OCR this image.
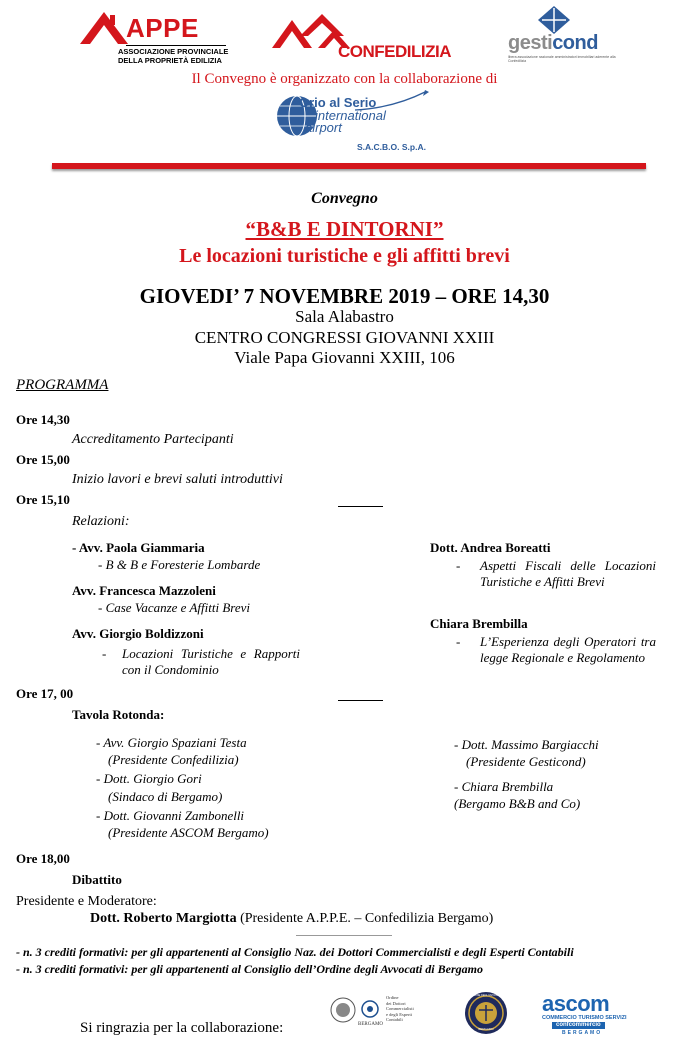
APPE
ASSOCIAZIONE PROVINCIALE
DELLA PROPRIETÀ EDILIZIA	CONFEDILIZIA	gesticond
libera associazione nazionale amministratori immobiliari aderente alla Confedilizia
Il Convegno è organizzato con la collaborazione di
Orio al Serio
international
airport
S.A.C.B.O. S.p.A.
Convegno
“B&B E DINTORNI”
Le locazioni turistiche e gli affitti brevi
GIOVEDI’ 7 NOVEMBRE 2019 – ORE 14,30
Sala Alabastro
CENTRO CONGRESSI GIOVANNI XXIII
Viale Papa Giovanni XXIII, 106
PROGRAMMA
Ore 14,30
Accreditamento Partecipanti
Ore 15,00
Inizio lavori e brevi saluti introduttivi
Ore 15,10
Relazioni:
- Avv. Paola Giammaria
- B & B e Foresterie Lombarde
Avv. Francesca Mazzoleni
- Case Vacanze e Affitti Brevi
Avv. Giorgio Boldizzoni
- Locazioni Turistiche e Rapporti con il Condominio
Dott. Andrea Boreatti
- Aspetti Fiscali delle Locazioni Turistiche e Affitti Brevi
Chiara Brembilla
- L’Esperienza degli Operatori tra legge Regionale e Regolamento
Ore 17, 00
Tavola Rotonda:
- Avv. Giorgio Spaziani Testa
(Presidente Confedilizia)
- Dott. Giorgio Gori
(Sindaco di Bergamo)
- Dott. Giovanni Zambonelli
(Presidente ASCOM Bergamo)
- Dott. Massimo Bargiacchi
(Presidente Gesticond)
- Chiara Brembilla
(Bergamo B&B and Co)
Ore 18,00
Dibattito
Presidente e Moderatore:
Dott. Roberto Margiotta (Presidente A.P.P.E. – Confedilizia Bergamo)
- n. 3 crediti formativi: per gli appartenenti al Consiglio Naz. dei Dottori Commercialisti e degli Esperti Contabili
- n. 3 crediti formativi: per gli appartenenti al Consiglio dell’Ordine degli Avvocati di Bergamo
Si ringrazia per la collaborazione:
Ordine
dei Dottori
Commercialisti
e degli Esperti
Contabili
BERGAMO
ORDINE DEGLI AVVOCATI
BERGAMO
ascom
COMMERCIO TURISMO SERVIZI
confcommercio
BERGAMO
